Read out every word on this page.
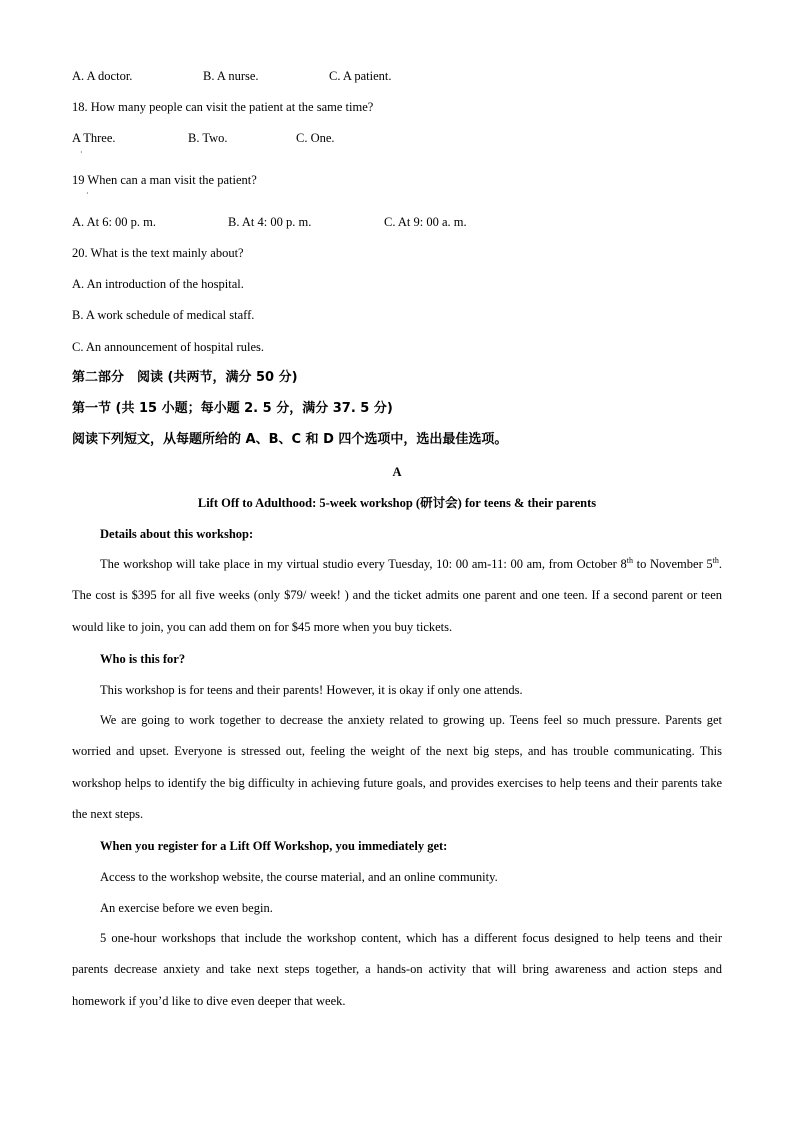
A. A doctor.	B. A nurse.	C. A patient.
18. How many people can visit the patient at the same time?
A Three.
·
B. Two.	C. One.
19 When can a man visit the patient?
·
A. At 6: 00 p. m.	B. At 4: 00 p. m.	C. At 9: 00 a. m.
20. What is the text mainly about?
A. An introduction of the hospital.
B. A work schedule of medical staff.
C. An announcement of hospital rules.
第二部分　阅读 (共两节，满分 50 分)
第一节 (共 15 小题；每小题 2. 5 分，满分 37. 5 分)
阅读下列短文，从每题所给的 A、B、C 和 D 四个选项中，选出最佳选项。
A
Lift Off to Adulthood: 5-week workshop (研讨会) for teens & their parents
Details about this workshop:
The workshop will take place in my virtual studio every Tuesday, 10: 00 am-11: 00 am, from October 8th to November 5th. The cost is $395 for all five weeks (only $79/ week! ) and the ticket admits one parent and one teen. If a second parent or teen would like to join, you can add them on for $45 more when you buy tickets.
Who is this for?
This workshop is for teens and their parents! However, it is okay if only one attends.
We are going to work together to decrease the anxiety related to growing up. Teens feel so much pressure. Parents get worried and upset. Everyone is stressed out, feeling the weight of the next big steps, and has trouble communicating. This workshop helps to identify the big difficulty in achieving future goals, and provides exercises to help teens and their parents take the next steps.
When you register for a Lift Off Workshop, you immediately get:
Access to the workshop website, the course material, and an online community.
An exercise before we even begin.
5 one-hour workshops that include the workshop content, which has a different focus designed to help teens and their parents decrease anxiety and take next steps together, a hands-on activity that will bring awareness and action steps and homework if you’d like to dive even deeper that week.
